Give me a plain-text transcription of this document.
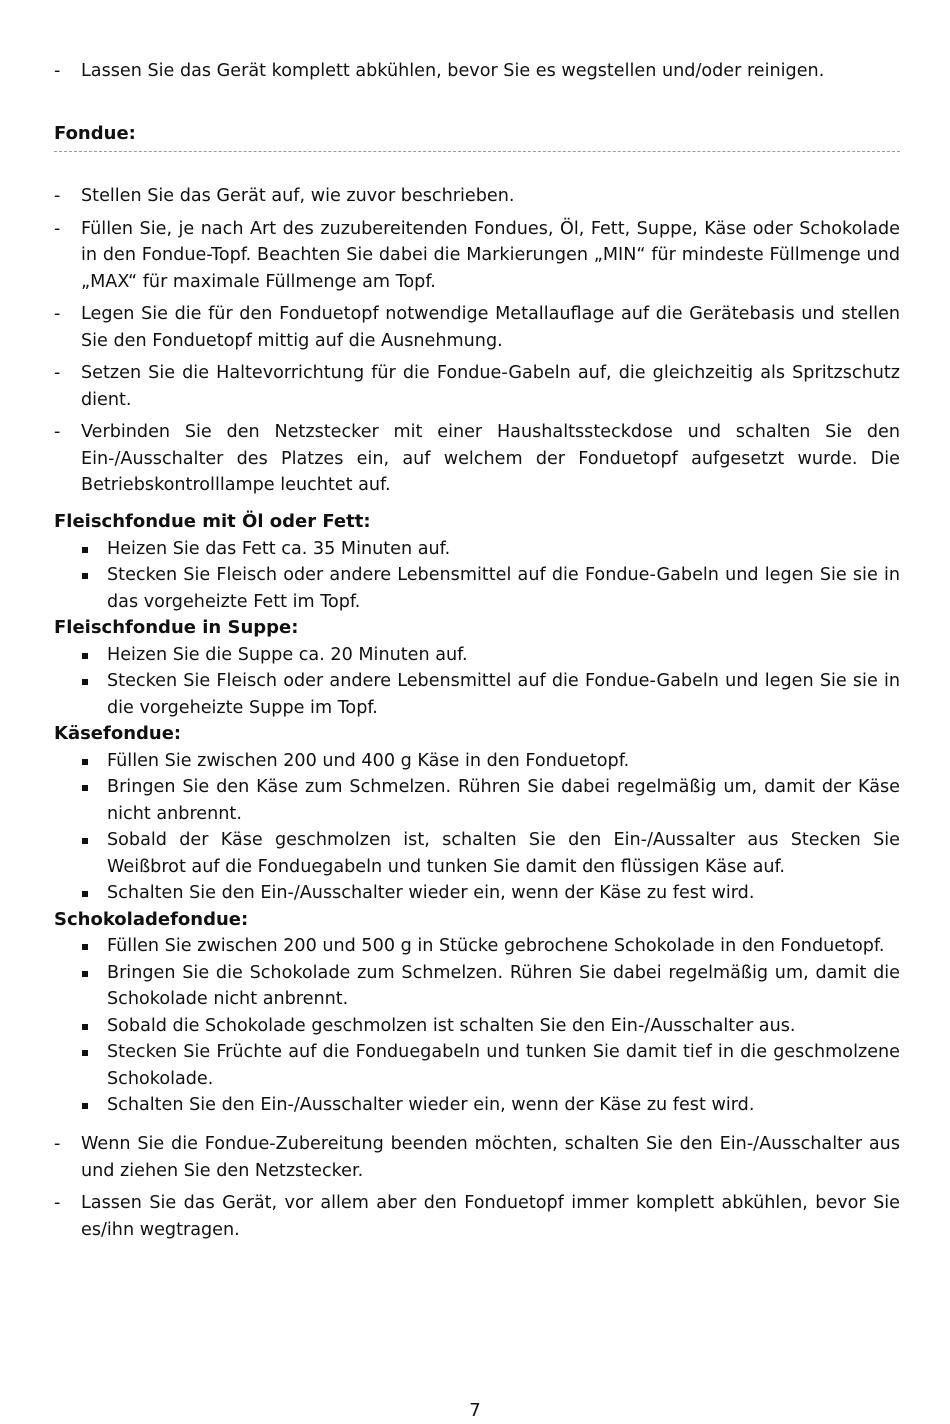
- Lassen Sie das Gerät komplett abkühlen, bevor Sie es wegstellen und/oder reinigen.
Fondue:
- Stellen Sie das Gerät auf, wie zuvor beschrieben.
- Füllen Sie, je nach Art des zuzubereitenden Fondues, Öl, Fett, Suppe, Käse oder Schokolade in den Fondue-Topf. Beachten Sie dabei die Markierungen „MIN“ für mindeste Füllmenge und „MAX“ für maximale Füllmenge am Topf.
- Legen Sie die für den Fonduetopf notwendige Metallauflage auf die Gerätebasis und stellen Sie den Fonduetopf mittig auf die Ausnehmung.
- Setzen Sie die Haltevorrichtung für die Fondue-Gabeln auf, die gleichzeitig als Spritzschutz dient.
- Verbinden Sie den Netzstecker mit einer Haushaltssteckdose und schalten Sie den Ein-/Ausschalter des Platzes ein, auf welchem der Fonduetopf aufgesetzt wurde. Die Betriebskontrolllampe leuchtet auf.
Fleischfondue mit Öl oder Fett:
Heizen Sie das Fett ca. 35 Minuten auf.
Stecken Sie Fleisch oder andere Lebensmittel auf die Fondue-Gabeln und legen Sie sie in das vorgeheizte Fett im Topf.
Fleischfondue in Suppe:
Heizen Sie die Suppe ca. 20 Minuten auf.
Stecken Sie Fleisch oder andere Lebensmittel auf die Fondue-Gabeln und legen Sie sie in die vorgeheizte Suppe im Topf.
Käsefondue:
Füllen Sie zwischen 200 und 400 g Käse in den Fonduetopf.
Bringen Sie den Käse zum Schmelzen. Rühren Sie dabei regelmäßig um, damit der Käse nicht anbrennt.
Sobald der Käse geschmolzen ist, schalten Sie den Ein-/Aussalter aus Stecken Sie Weißbrot auf die Fonduegabeln und tunken Sie damit den flüssigen Käse auf.
Schalten Sie den Ein-/Ausschalter wieder ein, wenn der Käse zu fest wird.
Schokoladefondue:
Füllen Sie zwischen 200 und 500 g in Stücke gebrochene Schokolade in den Fonduetopf.
Bringen Sie die Schokolade zum Schmelzen. Rühren Sie dabei regelmäßig um, damit die Schokolade nicht anbrennt.
Sobald die Schokolade geschmolzen ist schalten Sie den Ein-/Ausschalter aus.
Stecken Sie Früchte auf die Fonduegabeln und tunken Sie damit tief in die geschmolzene Schokolade.
Schalten Sie den Ein-/Ausschalter wieder ein, wenn der Käse zu fest wird.
- Wenn Sie die Fondue-Zubereitung beenden möchten, schalten Sie den Ein-/Ausschalter aus und ziehen Sie den Netzstecker.
- Lassen Sie das Gerät, vor allem aber den Fonduetopf immer komplett abkühlen, bevor Sie es/ihn wegtragen.
7
